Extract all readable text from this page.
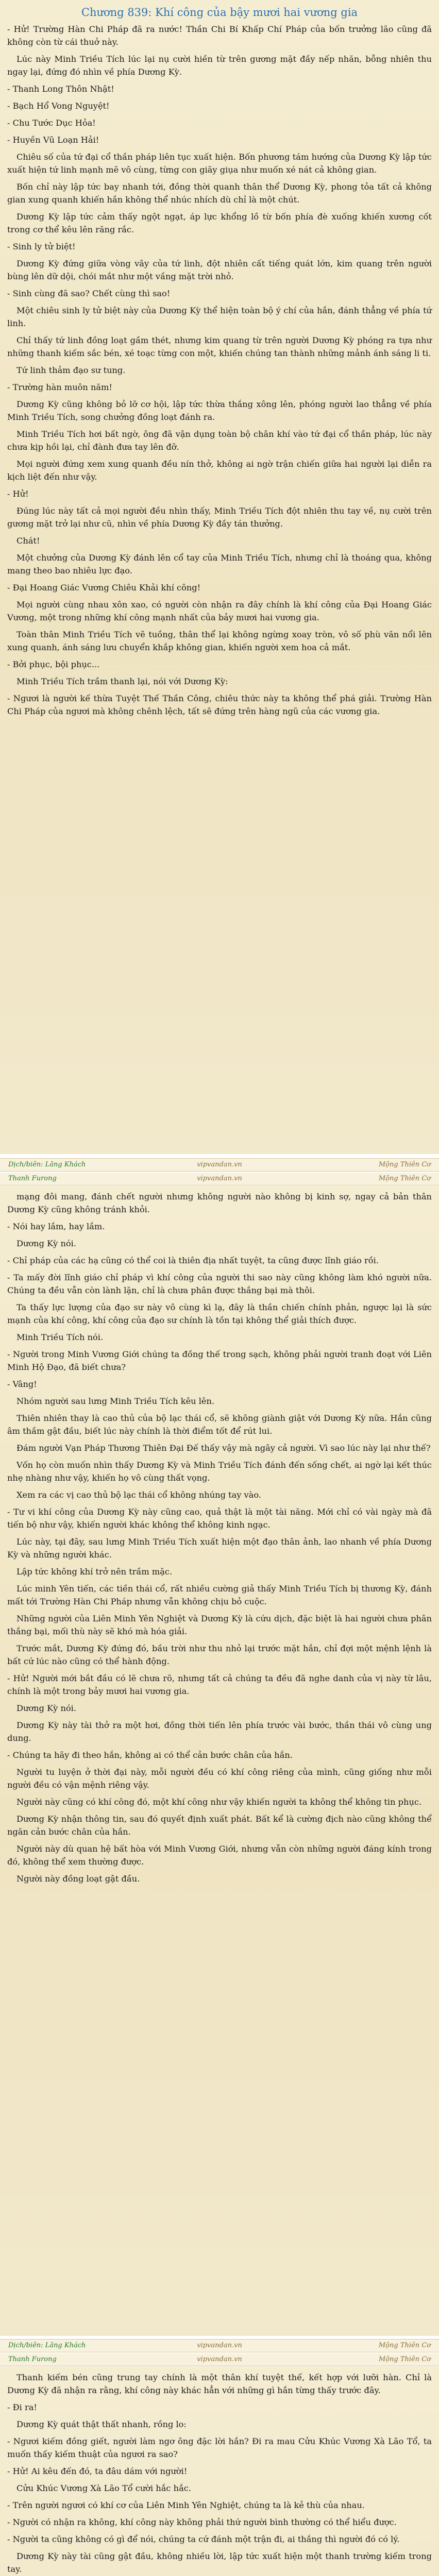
Chương 839: Khí công của bậy mươi hai vương gia

- Hử! Trường Hàn Chi Pháp đã ra nước! Thần Chi Bí Khấp Chí Pháp của bốn trưởng lão cũng đã không còn từ cái thuở này.

Lúc này Minh Triều Tích lúc lại nụ cười hiền từ trên gương mặt đầy nếp nhăn, bỗng nhiên thu ngay lại, đứng đó nhìn về phía Dương Kỳ.

- Thanh Long Thôn Nhật!

- Bạch Hổ Vong Nguyệt!

- Chu Tước Dục Hỏa!

- Huyền Vũ Loạn Hải!

Chiêu số của tứ đại cổ thần pháp liên tục xuất hiện. Bốn phương tám hướng của Dương Kỳ lập tức xuất hiện tứ linh mạnh mẽ vô cùng, từng con giãy giụa như muốn xé nát cả không gian.

Bốn chỉ này lập tức bay nhanh tới, đồng thời quanh thân thể Dương Kỳ, phong tỏa tất cả không gian xung quanh khiến hắn không thể nhúc nhích dù chỉ là một chút.

Dương Kỳ lập tức cảm thấy ngột ngạt, áp lực khổng lồ từ bốn phía đè xuống khiến xương cốt trong cơ thể kêu lên răng rắc.

- Sinh ly tử biệt!

Dương Kỳ đứng giữa vòng vây của tứ linh, đột nhiên cất tiếng quát lớn, kim quang trên người bùng lên dữ dội, chói mắt như một vầng mặt trời nhỏ.

- Sinh cùng đã sao? Chết cùng thì sao!

Một chiêu sinh ly tử biệt này của Dương Kỳ thể hiện toàn bộ ý chí của hắn, đánh thẳng về phía tứ linh.

Chỉ thấy tứ linh đồng loạt gầm thét, nhưng kim quang từ trên người Dương Kỳ phóng ra tựa như những thanh kiếm sắc bén, xé toạc từng con một, khiến chúng tan thành những mảnh ánh sáng li ti.

Tứ linh thảm đạo sư tung.

- Trường hàn muôn năm!

Dương Kỳ cũng không bỏ lỡ cơ hội, lập tức thừa thắng xông lên, phóng người lao thẳng về phía Minh Triều Tích, song chưởng đồng loạt đánh ra.

Minh Triều Tích hơi bất ngờ, ông đã vận dụng toàn bộ chân khí vào tứ đại cổ thần pháp, lúc này chưa kịp hồi lại, chỉ đành đưa tay lên đỡ.

Mọi người đứng xem xung quanh đều nín thở, không ai ngờ trận chiến giữa hai người lại diễn ra kịch liệt đến như vậy.

- Hử!

Đúng lúc này tất cả mọi người đều nhìn thấy, Minh Triều Tích đột nhiên thu tay về, nụ cười trên gương mặt trở lại như cũ, nhìn về phía Dương Kỳ đầy tán thưởng.

Chát!

Một chưởng của Dương Kỳ đánh lên cổ tay của Minh Triều Tích, nhưng chỉ là thoáng qua, không mang theo bao nhiêu lực đạo.

- Đại Hoang Giác Vương Chiêu Khải khí công!

Mọi người cùng nhau xôn xao, có người còn nhận ra đây chính là khí công của Đại Hoang Giác Vương, một trong những khí công mạnh nhất của bảy mươi hai vương gia.

Toàn thân Minh Triều Tích vẽ tuồng, thân thể lại không ngừng xoay tròn, vô số phù văn nổi lên xung quanh, ánh sáng lưu chuyển khắp không gian, khiến người xem hoa cả mắt.

- Bởi phục, bội phục...

Minh Triều Tích trầm thanh lại, nói với Dương Kỳ:

- Ngươi là người kế thừa Tuyệt Thế Thần Công, chiêu thức này ta không thể phá giải. Trường Hàn Chi Pháp của ngươi mà không chênh lệch, tất sẽ đứng trên hàng ngũ của các vương gia.

Dịch/biên: Lăng Khách	vipvandan.vn	Mộng Thiên Cơ
Thanh Furong	vipvandan.vn	Mộng Thiên Cơ

mạng đôi mang, đánh chết người nhưng không người nào không bị kinh sợ, ngay cả bản thân Dương Kỳ cũng không tránh khỏi.

- Nói hay lắm, hay lắm.

Dương Kỳ nói.

- Chỉ pháp của các hạ cũng có thể coi là thiên địa nhất tuyệt, ta cũng được lĩnh giáo rồi.

- Ta mấy đời lĩnh giáo chỉ pháp vì khí công của người thi sao này cũng không làm khó người nữa. Chúng ta đều vẫn còn lành lặn, chỉ là chưa phân được thắng bại mà thôi.

Ta thấy lực lượng của đạo sư này vô cùng kì lạ, đây là thần chiến chính phản, ngược lại là sức mạnh của khí công, khí công của đạo sư chính là tồn tại không thể giải thích được.

Minh Triều Tích nói.

- Người trong Minh Vương Giới chúng ta đồng thế trong sạch, không phải người tranh đoạt với Liên Minh Hộ Đạo, đã biết chưa?

- Vâng!

Nhóm người sau lưng Minh Triều Tích kêu lên.

Thiên nhiên thay là cao thủ của bộ lạc thái cổ, sẽ không giành giật với Dương Kỳ nữa. Hắn cũng âm thầm gật đầu, biết lúc này chính là thời điểm tốt để rút lui.

Đám người Vạn Pháp Thương Thiên Đại Đế thấy vậy mà ngây cả người. Vì sao lúc này lại như thế?

Vốn họ còn muốn nhìn thấy Dương Kỳ và Minh Triều Tích đánh đến sống chết, ai ngờ lại kết thúc nhẹ nhàng như vậy, khiến họ vô cùng thất vọng.

Xem ra các vị cao thủ bộ lạc thái cổ không nhúng tay vào.

- Tư vi khí công của Dương Kỳ này cũng cao, quả thật là một tài năng. Mới chỉ có vài ngày mà đã tiến bộ như vậy, khiến người khác không thể không kinh ngạc.

Lúc này, tại đây, sau lưng Minh Triều Tích xuất hiện một đạo thân ảnh, lao nhanh về phía Dương Kỳ và những người khác.

Lập tức không khí trở nên trầm mặc.

Lúc minh Yên tiến, các tiền thái cổ, rất nhiều cường giả thấy Minh Triều Tích bị thương Kỳ, đánh mất tới Trường Hàn Chi Pháp nhưng vẫn không chịu bỏ cuộc.

Những người của Liên Minh Yên Nghiệt và Dương Kỳ là cứu dịch, đặc biệt là hai người chưa phân thắng bại, mối thù này sẽ khó mà hóa giải.

Trước mắt, Dương Kỳ đứng đó, bầu trời như thu nhỏ lại trước mặt hắn, chỉ đợi một mệnh lệnh là bất cứ lúc nào cũng có thể hành động.

- Hử! Người mới bắt đầu có lẽ chưa rõ, nhưng tất cả chúng ta đều đã nghe danh của vị này từ lâu, chính là một trong bảy mươi hai vương gia.

Dương Kỳ nói.

Dương Kỳ này tài thở ra một hơi, đồng thời tiến lên phía trước vài bước, thần thái vô cùng ung dung.

- Chúng ta hãy đi theo hắn, không ai có thể cản bước chân của hắn.

Người tu luyện ở thời đại này, mỗi người đều có khí công riêng của mình, cũng giống như mỗi người đều có vận mệnh riêng vậy.

Người này cũng có khí công đó, một khí công như vậy khiến người ta không thể không tin phục.

Dương Kỳ nhận thông tin, sau đó quyết định xuất phát. Bất kể là cường địch nào cũng không thể ngăn cản bước chân của hắn.

Người này dù quan hệ bất hòa với Minh Vương Giới, nhưng vẫn còn những người đáng kính trong đó, không thể xem thường được.

Người này đồng loạt gật đầu.

Dịch/biên: Lăng Khách	vipvandan.vn	Mộng Thiên Cơ
Thanh Furong	vipvandan.vn	Mộng Thiên Cơ

Thanh kiếm bén cũng trung tay chính là một thân khí tuyệt thế, kết hợp với lưỡi hàn. Chỉ là Dương Kỳ đã nhận ra rằng, khí công này khác hẳn với những gì hắn từng thấy trước đây.

- Đi ra!

Dương Kỳ quát thật thất nhanh, rồng lo:

- Ngươi kiếm đồng giết, người làm ngơ ông đặc lời hắn? Đi ra mau Cửu Khúc Vương Xà Lão Tổ, ta muốn thấy kiếm thuật của ngươi ra sao?

- Hử! Ai kêu đến đó, ta đâu dám với người!

Cửu Khúc Vương Xà Lão Tổ cười hắc hắc.

- Trên người ngươi có khí cơ của Liên Minh Yên Nghiệt, chúng ta là kẻ thù của nhau.

- Người có nhận ra không, khí công này không phải thứ người bình thường có thể hiểu được.

- Người ta cũng không có gì để nói, chúng ta cứ đánh một trận đi, ai thắng thì người đó có lý.

Dương Kỳ này tài cũng gật đầu, không nhiều lời, lập tức xuất hiện một thanh trường kiếm trong tay.
